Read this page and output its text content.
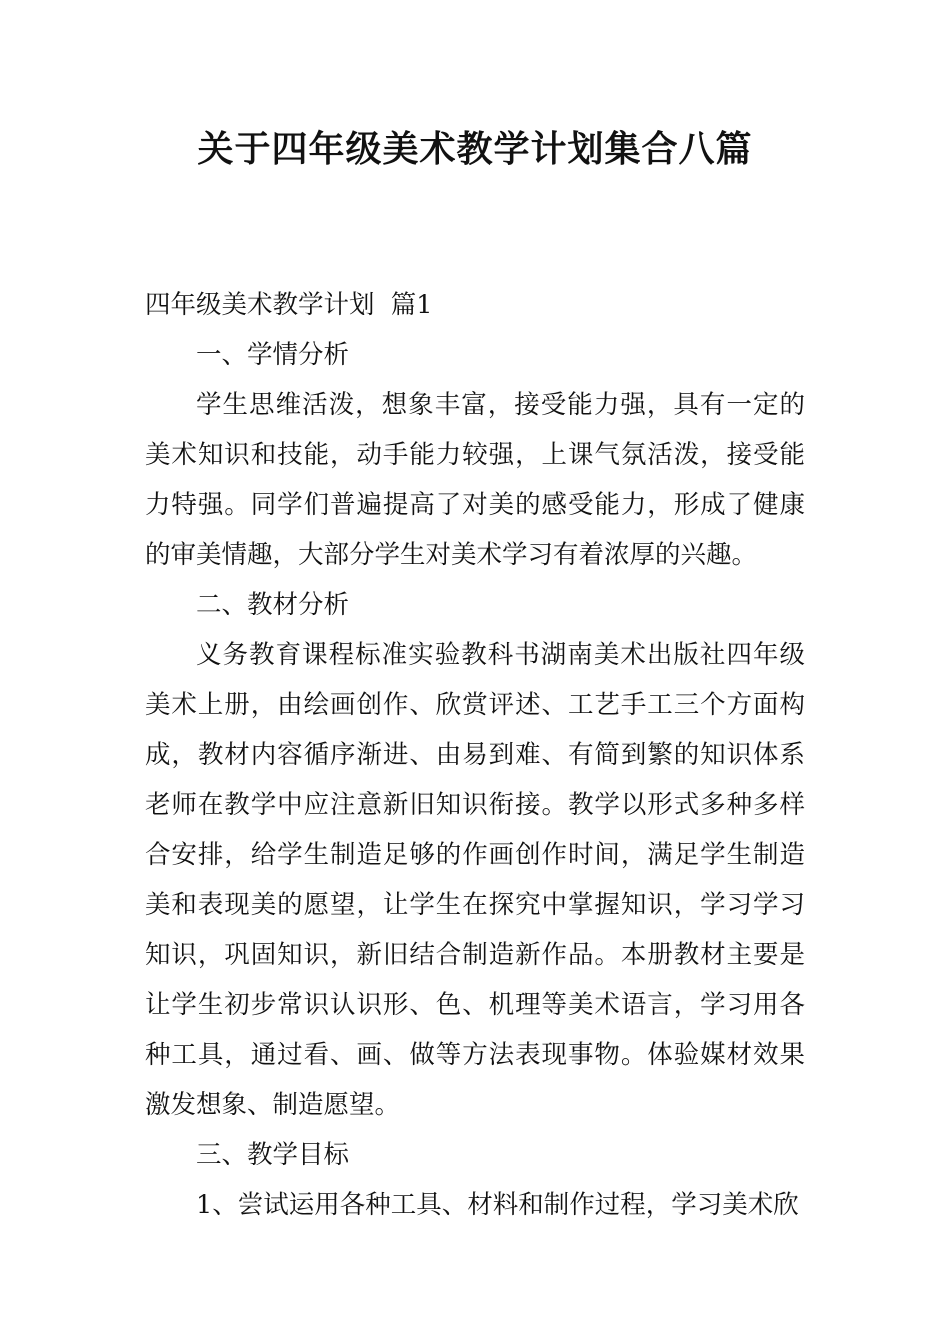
关于四年级美术教学计划集合八篇

四年级美术教学计划  篇1

一、学情分析

学生思维活泼，想象丰富，接受能力强，具有一定的美术知识和技能，动手能力较强，上课气氛活泼，接受能力特强。同学们普遍提高了对美的感受能力，形成了健康的审美情趣，大部分学生对美术学习有着浓厚的兴趣。

二、教材分析

义务教育课程标准实验教科书湖南美术出版社四年级美术上册，由绘画创作、欣赏评述、工艺手工三个方面构成，教材内容循序渐进、由易到难、有简到繁的知识体系老师在教学中应注意新旧知识衔接。教学以形式多种多样合安排，给学生制造足够的作画创作时间，满足学生制造美和表现美的愿望，让学生在探究中掌握知识，学习学习知识，巩固知识，新旧结合制造新作品。本册教材主要是让学生初步常识认识形、色、机理等美术语言，学习用各种工具，通过看、画、做等方法表现事物。体验媒材效果激发想象、制造愿望。

三、教学目标

1、尝试运用各种工具、材料和制作过程，学习美术欣
